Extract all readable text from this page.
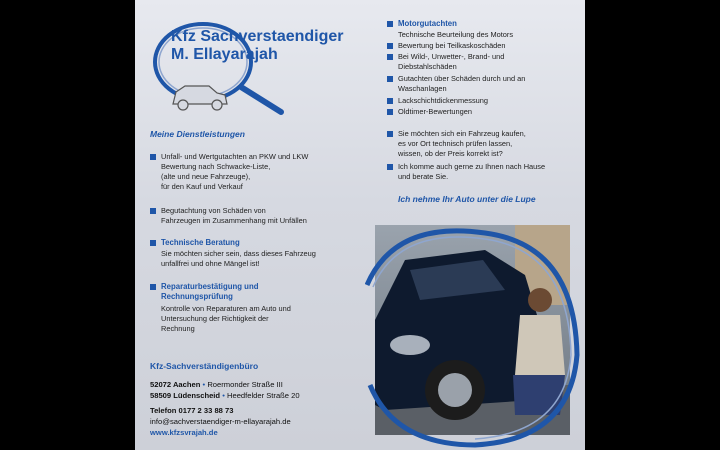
Kfz Sachverstaendiger
M. Ellayarajah
Meine Dienstleistungen
Unfall- und Wertgutachten an PKW und LKW
Bewertung nach Schwacke-Liste,
(alte und neue Fahrzeuge),
für den Kauf und Verkauf
Begutachtung von Schäden von
Fahrzeugen im Zusammenhang mit Unfällen
Technische Beratung
Sie möchten sicher sein, dass dieses Fahrzeug
unfallfrei und ohne Mängel ist!
Reparaturbestätigung und
Rechnungsprüfung
Kontrolle von Reparaturen am Auto und
Untersuchung der Richtigkeit der
Rechnung
Motorgutachten
Technische Beurteilung des Motors
Bewertung bei Teilkaskoschäden
Bei Wild-, Unwetter-, Brand- und
Diebstahlschäden
Gutachten über Schäden durch und an
Waschanlagen
Lackschichtdickenmessung
Oldtimer-Bewertungen
Sie möchten sich ein Fahrzeug kaufen,
es vor Ort technisch prüfen lassen,
wissen, ob der Preis korrekt ist?
Ich komme auch gerne zu Ihnen nach Hause
und berate Sie.
Ich nehme Ihr Auto unter die Lupe
Kfz-Sachverständigenbüro
52072 Aachen • Roermonder Straße III
58509 Lüdenscheid • Heedfelder Straße 20
Telefon 0177 2 33 88 73
info@sachverstaendiger-m-ellayarajah.de
www.kfzsvrajah.de
